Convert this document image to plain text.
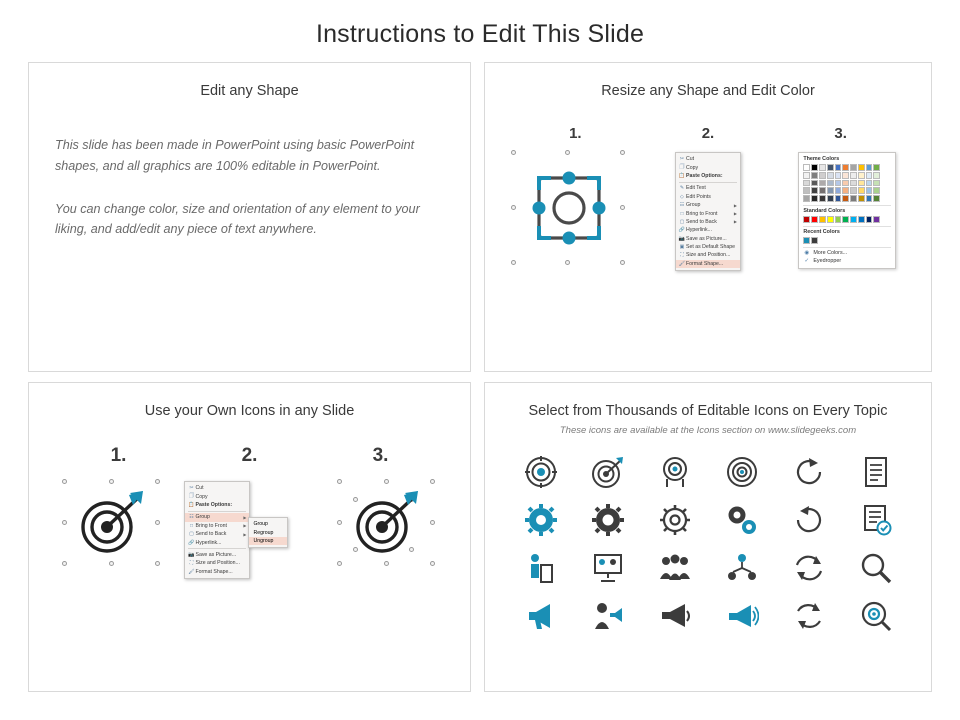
Instructions to Edit This Slide
Edit any Shape
This slide has been made in PowerPoint using basic PowerPoint shapes, and all graphics are 100% editable in PowerPoint.
You can change color, size and orientation of any element to your liking, and add/edit any piece of text anywhere.
Resize any Shape and Edit Color
1.	2.	3.
✂ Cut
🗍 Copy
📋 Paste Options:
✎ Edit Text
◇ Edit Points
☷ Group	▶
□ Bring to Front	▶
▢ Send to Back	▶
🔗 Hyperlink...
📷 Save as Picture...
▣ Set as Default Shape
⛶ Size and Position...
🖌 Format Shape...
Theme Colors
Standard Colors
Recent Colors
◉ More Colors...
✓ Eyedropper
Use your Own Icons in any Slide
1.	2.	3.
✂ Cut
🗍 Copy
📋 Paste Options:
☷ Group	▶
□ Bring to Front	▶
▢ Send to Back	▶
🔗 Hyperlink...
📷 Save as Picture...
⛶ Size and Position...
🖌 Format Shape...
Group
Regroup
Ungroup
Select from Thousands of Editable Icons on Every Topic
These icons are available at the Icons section on www.slidegeeks.com
